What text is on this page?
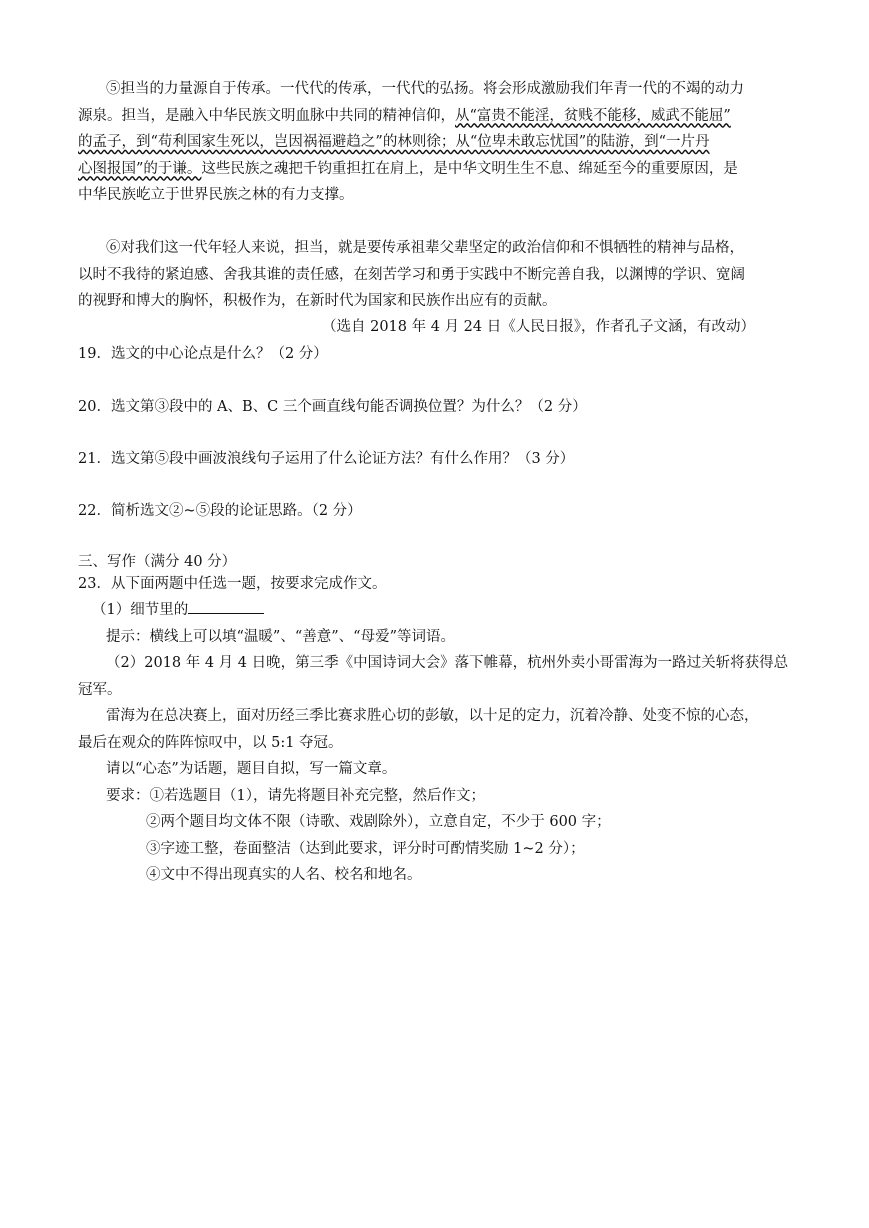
⑤担当的力量源自于传承。一代代的传承，一代代的弘扬。将会形成激励我们年青一代的不竭的动力

源泉。担当，是融入中华民族文明血脉中共同的精神信仰，从“富贵不能淫，贫贱不能移，威武不能屈”

的孟子，到“苟利国家生死以，岂因祸福避趋之”的林则徐；从“位卑未敢忘忧国”的陆游，到“一片丹

心图报国”的于谦。这些民族之魂把千钧重担扛在肩上，是中华文明生生不息、绵延至今的重要原因，是

中华民族屹立于世界民族之林的有力支撑。

⑥对我们这一代年轻人来说，担当，就是要传承祖辈父辈坚定的政治信仰和不惧牺牲的精神与品格，

以时不我待的紧迫感、舍我其谁的责任感，在刻苦学习和勇于实践中不断完善自我，以渊博的学识、宽阔

的视野和博大的胸怀，积极作为，在新时代为国家和民族作出应有的贡献。

（选自 2018 年 4 月 24 日《人民日报》，作者孔子文涵，有改动）

19．选文的中心论点是什么？（2 分）

20．选文第③段中的 A、B、C 三个画直线句能否调换位置？为什么？（2 分）

21．选文第⑤段中画波浪线句子运用了什么论证方法？有什么作用？（3 分）

22．简析选文②~⑤段的论证思路。（2 分）

三、写作（满分 40 分）

23．从下面两题中任选一题，按要求完成作文。

（1）细节里的

提示：横线上可以填“温暖”、“善意”、“母爱”等词语。

（2）2018 年 4 月 4 日晚，第三季《中国诗词大会》落下帷幕，杭州外卖小哥雷海为一路过关斩将获得总

冠军。

雷海为在总决赛上，面对历经三季比赛求胜心切的彭敏，以十足的定力，沉着冷静、处变不惊的心态，

最后在观众的阵阵惊叹中，以 5:1 夺冠。

请以“心态”为话题，题目自拟，写一篇文章。

要求：①若选题目（1），请先将题目补充完整，然后作文；

②两个题目均文体不限（诗歌、戏剧除外），立意自定，不少于 600 字；

③字迹工整，卷面整洁（达到此要求，评分时可酌情奖励 1~2 分）；

④文中不得出现真实的人名、校名和地名。
